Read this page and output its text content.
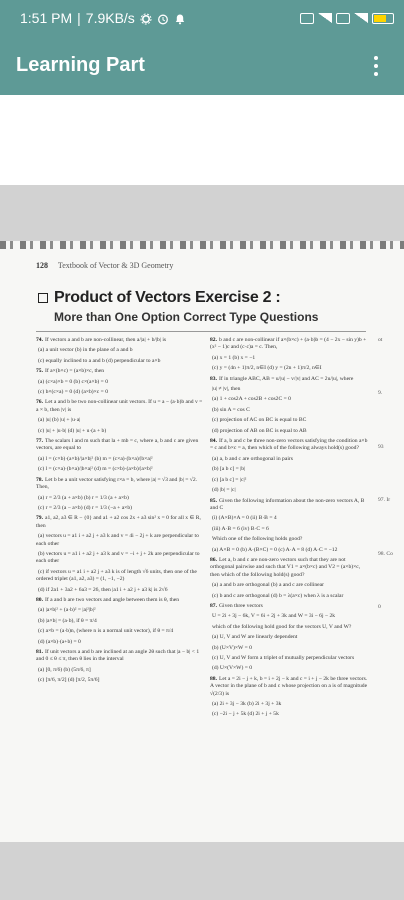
1:51 PM | 7.9KB/s
Learning Part
128 Textbook of Vector & 3D Geometry
Product of Vectors Exercise 2 :
More than One Option Correct Type Questions
74. If vectors a and b are non-collinear, then a/|a| + b/|b| is
(a) a unit vector (b) in the plane of a and b
(c) equally inclined to a and b (d) perpendicular to a×b
75. If a×(b×c) = (a×b)×c, then
(a) (c×a)×b = 0 (b) c×(a×b) = 0
(c) b×(c×a) = 0 (d) (a×b)×c = 0
76. Let a and b be two non-collinear unit vectors. If u = a − (a·b)b and v = a × b, then |v| is
(a) |u| (b) |u| + |u·a|
(c) |u| + |u·b| (d) |u| + u·(a + b)
77. The scalars l and m such that la + mb = c, where a, b and c are given vectors, are equal to
(a) l = (c×b)·(a×b)/|a×b|² (b) m = (c×a)·(b×a)/|b×a|²
(c) l = (c×a)·(b×a)/|b×a|² (d) m = (c×b)·(a×b)/|a×b|²
78. Let b be a unit vector satisfying r×a = b, where |a| = √3 and |b| = √2. Then,
(a) r = 2/3 (a + a×b) (b) r = 1/3 (a + a×b)
(c) r = 2/3 (a − a×b) (d) r = 1/3 (−a + a×b)
79. a1, a2, a3 ∈ R − {0} and a1 + a2 cos 2x + a3 sin² x = 0 for all x ∈ R, then
(a) vectors u = a1 i + a2 j + a3 k and v = 4i − 2j + k are perpendicular to each other
(b) vectors u = a1 i + a2 j + a3 k and v = −i + j + 2k are perpendicular to each other
(c) if vectors u = a1 i + a2 j + a3 k is of length √6 units, then one of the ordered triplet (a1, a2, a3) = (1, −1, −2)
(d) if 2a1 + 3a2 + 6a3 = 26, then |a1 i + a2 j + a3 k| is 2√6
80. If a and b are two vectors and angle between them is θ, then
(a) |a×b|² + (a·b)² = |a|²|b|²
(b) |a×b| = (a·b), if θ = π/4
(c) a×b = (a·b)n, (where n is a normal unit vector), if θ = π/4
(d) (a×b)·(a+b) = 0
81. If unit vectors a and b are inclined at an angle 2θ such that |a − b| < 1 and 0 ≤ θ ≤ π, then θ lies in the interval
(a) [0, π/6) (b) (5π/6, π]
(c) [π/6, π/2] (d) [π/2, 5π/6]
82. b and c are non-collinear if a×(b×c) + (a·b)b = (4 − 2x − sin y)b + (x² − 1)c and (c·c)a = c. Then,
(a) x = 1 (b) x = −1
(c) y = (4n + 1)π/2, n∈I (d) y = (2n + 1)π/2, n∈I
83. If in triangle ABC, AB = u/|u| − v/|v| and AC = 2u/|u|, where
|u| ≠ |v|, then
(a) 1 + cos2A + cos2B + cos2C = 0
(b) sin A = cos C
(c) projection of AC on BC is equal to BC
(d) projection of AB on BC is equal to AB
84. If a, b and c be three non-zero vectors satisfying the condition a×b = c and b×c = a, then which of the following always hold(s) good?
(a) a, b and c are orthogonal in pairs
(b) [a b c] = |b|
(c) [a b c] = |c|²
(d) |b| = |c|
85. Given the following information about the non-zero vectors A, B and C
(i) (A×B)×A = 0 (ii) B·B = 4
(iii) A·B = 6 (iv) B·C = 6
Which one of the following holds good?
(a) A×B = 0 (b) A·(B×C) = 0 (c) A·A = 8 (d) A·C = −12
86. Let a, b and c are non-zero vectors such that they are not orthogonal pairwise and such that V1 = a×(b×c) and V2 = (a×b)×c, then which of the following hold(s) good?
(a) a and b are orthogonal (b) a and c are collinear
(c) b and c are orthogonal (d) b = λ(a×c) when λ is a scalar
87. Given three vectors
U = 2i + 3j − 6k, V = 6i + 2j + 3k and W = 3i − 6j − 2k
which of the following hold good for the vectors U, V and W?
(a) U, V and W are linearly dependent
(b) (U×V)×W = 0
(c) U, V and W form a triplet of mutually perpendicular vectors
(d) U×(V×W) = 0
88. Let a = 2i − j + k, b = i + 2j − k and c = i + j − 2k be three vectors. A vector in the plane of b and c whose projection on a is of magnitude √(2/3) is
(a) 2i + 3j − 3k (b) 2i + 3j + 3k
(c) −2i − j + 5k (d) 2i + j + 5k
ot
9.
93
97. Ir
98. Co
0
